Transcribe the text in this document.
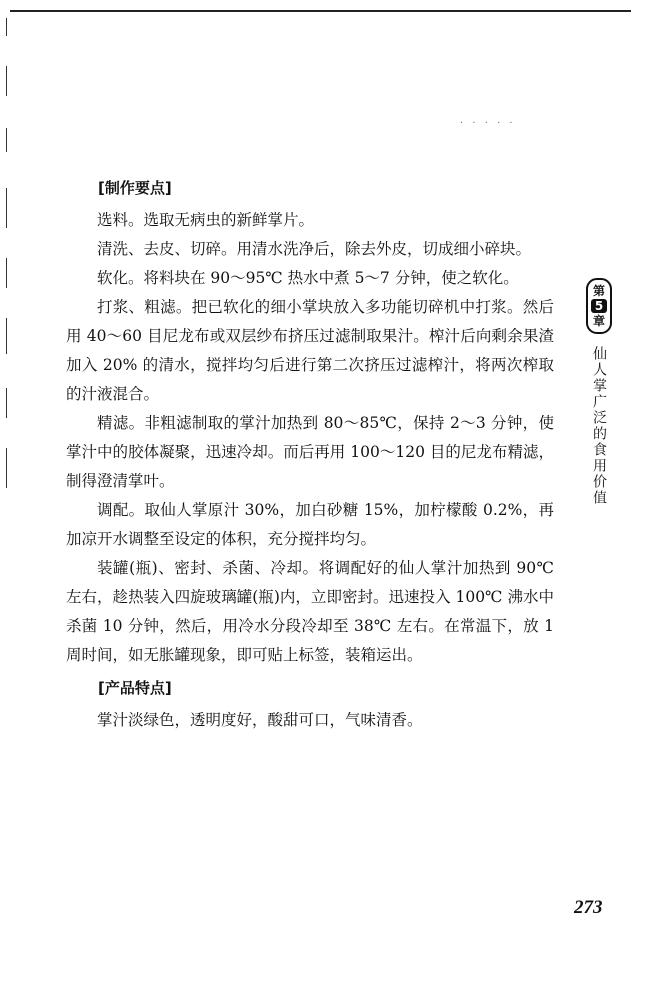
· · · · ·
[制作要点]

选料。选取无病虫的新鲜掌片。

清洗、去皮、切碎。用清水洗净后，除去外皮，切成细小碎块。

软化。将料块在 90～95℃ 热水中煮 5～7 分钟，使之软化。

打浆、粗滤。把已软化的细小掌块放入多功能切碎机中打浆。然后用 40～60 目尼龙布或双层纱布挤压过滤制取果汁。榨汁后向剩余果渣加入 20% 的清水，搅拌均匀后进行第二次挤压过滤榨汁，将两次榨取的汁液混合。

精滤。非粗滤制取的掌汁加热到 80～85℃，保持 2～3 分钟，使掌汁中的胶体凝聚，迅速冷却。而后再用 100～120 目的尼龙布精滤，制得澄清掌叶。

调配。取仙人掌原汁 30%，加白砂糖 15%，加柠檬酸 0.2%，再加凉开水调整至设定的体积，充分搅拌均匀。

装罐(瓶)、密封、杀菌、冷却。将调配好的仙人掌汁加热到 90℃ 左右，趁热装入四旋玻璃罐(瓶)内，立即密封。迅速投入 100℃ 沸水中杀菌 10 分钟，然后，用冷水分段冷却至 38℃ 左右。在常温下，放 1 周时间，如无胀罐现象，即可贴上标签，装箱运出。

[产品特点]

掌汁淡绿色，透明度好，酸甜可口，气味清香。

第
5
章
仙人掌广泛的食用价值
273
